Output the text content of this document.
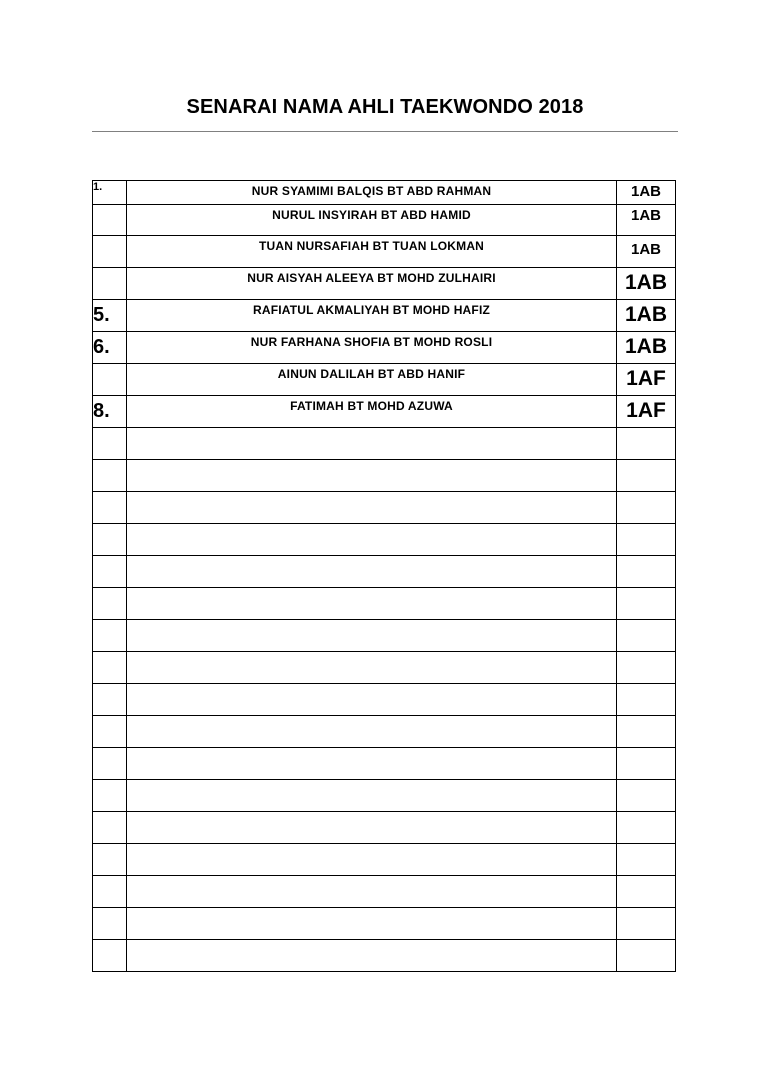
SENARAI NAMA AHLI TAEKWONDO 2018
1.	NUR SYAMIMI BALQIS BT ABD RAHMAN	1AB

	NURUL INSYIRAH BT ABD HAMID	1AB

	TUAN NURSAFIAH BT TUAN LOKMAN	1AB

	NUR AISYAH ALEEYA BT MOHD ZULHAIRI	1AB
5.	RAFIATUL AKMALIYAH BT MOHD HAFIZ	1AB
6.	NUR FARHANA SHOFIA BT MOHD ROSLI	1AB

	AINUN DALILAH BT ABD HANIF	1AF
8.	FATIMAH BT MOHD AZUWA	1AF
